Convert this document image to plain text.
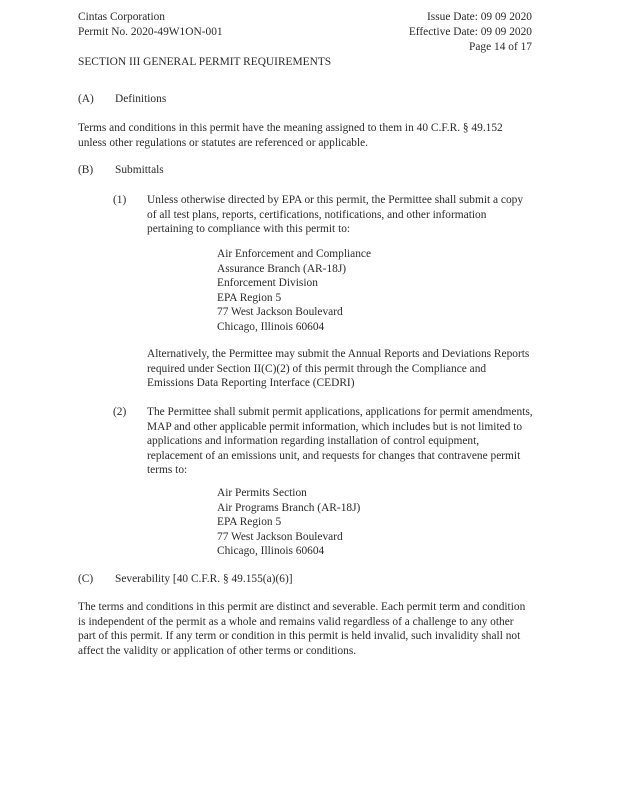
Cintas Corporation

Permit No. 2020-49W1ON-001

Issue Date: 09 09 2020

Effective Date: 09 09 2020

Page 14 of 17

SECTION III GENERAL PERMIT REQUIREMENTS

(A) Definitions

Terms and conditions in this permit have the meaning assigned to them in 40 C.F.R. § 49.152 unless other regulations or statutes are referenced or applicable.

(B) Submittals

(1) Unless otherwise directed by EPA or this permit, the Permittee shall submit a copy of all test plans, reports, certifications, notifications, and other information pertaining to compliance with this permit to:

Air Enforcement and Compliance
Assurance Branch (AR-18J)
Enforcement Division
EPA Region 5
77 West Jackson Boulevard
Chicago, Illinois 60604

Alternatively, the Permittee may submit the Annual Reports and Deviations Reports required under Section II(C)(2) of this permit through the Compliance and Emissions Data Reporting Interface (CEDRI)

(2) The Permittee shall submit permit applications, applications for permit amendments, MAP and other applicable permit information, which includes but is not limited to applications and information regarding installation of control equipment, replacement of an emissions unit, and requests for changes that contravene permit terms to:

Air Permits Section
Air Programs Branch (AR-18J)
EPA Region 5
77 West Jackson Boulevard
Chicago, Illinois 60604

(C) Severability [40 C.F.R. § 49.155(a)(6)]

The terms and conditions in this permit are distinct and severable. Each permit term and condition is independent of the permit as a whole and remains valid regardless of a challenge to any other part of this permit. If any term or condition in this permit is held invalid, such invalidity shall not affect the validity or application of other terms or conditions.
